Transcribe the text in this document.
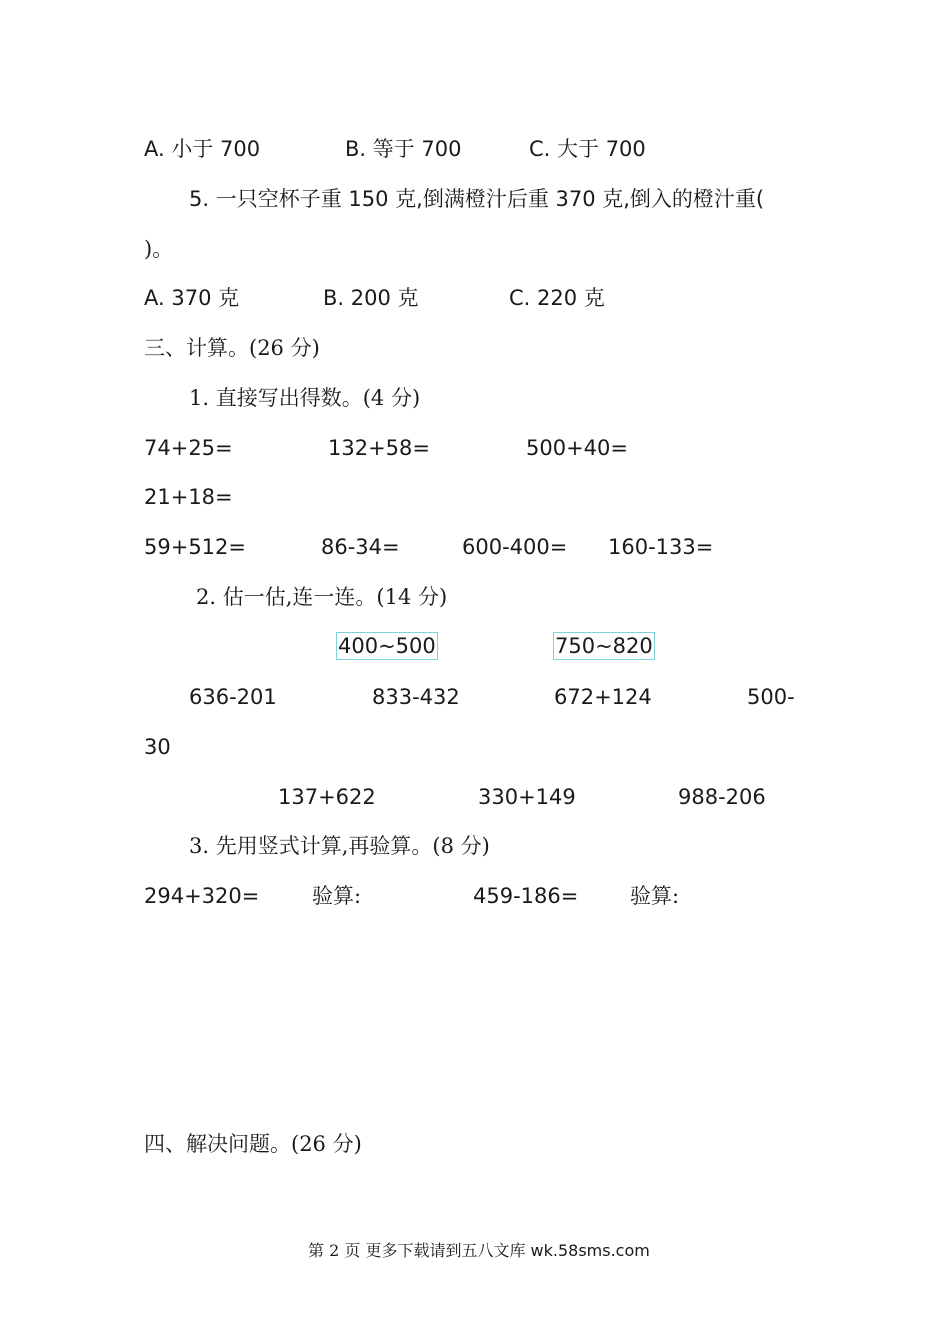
A. 小于 700	B. 等于 700	C. 大于 700
5. 一只空杯子重 150 克,倒满橙汁后重 370 克,倒入的橙汁重(
)。
A. 370 克	B. 200 克	C. 220 克
三、计算。(26 分)
1. 直接写出得数。(4 分)
74+25=	132+58=	500+40=
21+18=
59+512=	86-34=	600-400= 160-133=
2. 估一估,连一连。(14 分)
400~500	750~820
636-201	833-432	672+124	500-
30
137+622	330+149	988-206
3. 先用竖式计算,再验算。(8 分)
294+320=	验算:	459-186= 验算:
四、解决问题。(26 分)
第 2 页 更多下载请到五八文库 wk.58sms.com
